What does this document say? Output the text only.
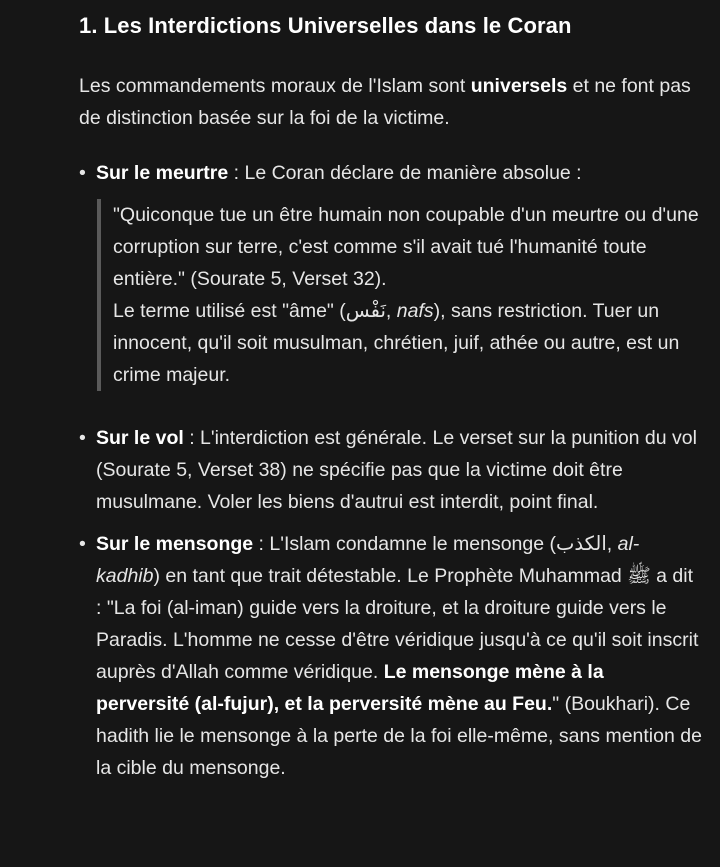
1. Les Interdictions Universelles dans le Coran

Les commandements moraux de l'Islam sont universels et ne font pas de distinction basée sur la foi de la victime.

• Sur le meurtre : Le Coran déclare de manière absolue :
"Quiconque tue un être humain non coupable d'un meurtre ou d'une corruption sur terre, c'est comme s'il avait tué l'humanité toute entière." (Sourate 5, Verset 32).
Le terme utilisé est "âme" (نَفْس, nafs), sans restriction. Tuer un innocent, qu'il soit musulman, chrétien, juif, athée ou autre, est un crime majeur.
• Sur le vol : L'interdiction est générale. Le verset sur la punition du vol (Sourate 5, Verset 38) ne spécifie pas que la victime doit être musulmane. Voler les biens d'autrui est interdit, point final.
• Sur le mensonge : L'Islam condamne le mensonge (الكذب, al-kadhib) en tant que trait détestable. Le Prophète Muhammad ﷺ a dit : "La foi (al-iman) guide vers la droiture, et la droiture guide vers le Paradis. L'homme ne cesse d'être véridique jusqu'à ce qu'il soit inscrit auprès d'Allah comme véridique. Le mensonge mène à la perversité (al-fujur), et la perversité mène au Feu." (Boukhari). Ce hadith lie le mensonge à la perte de la foi elle-même, sans mention de la cible du mensonge.
